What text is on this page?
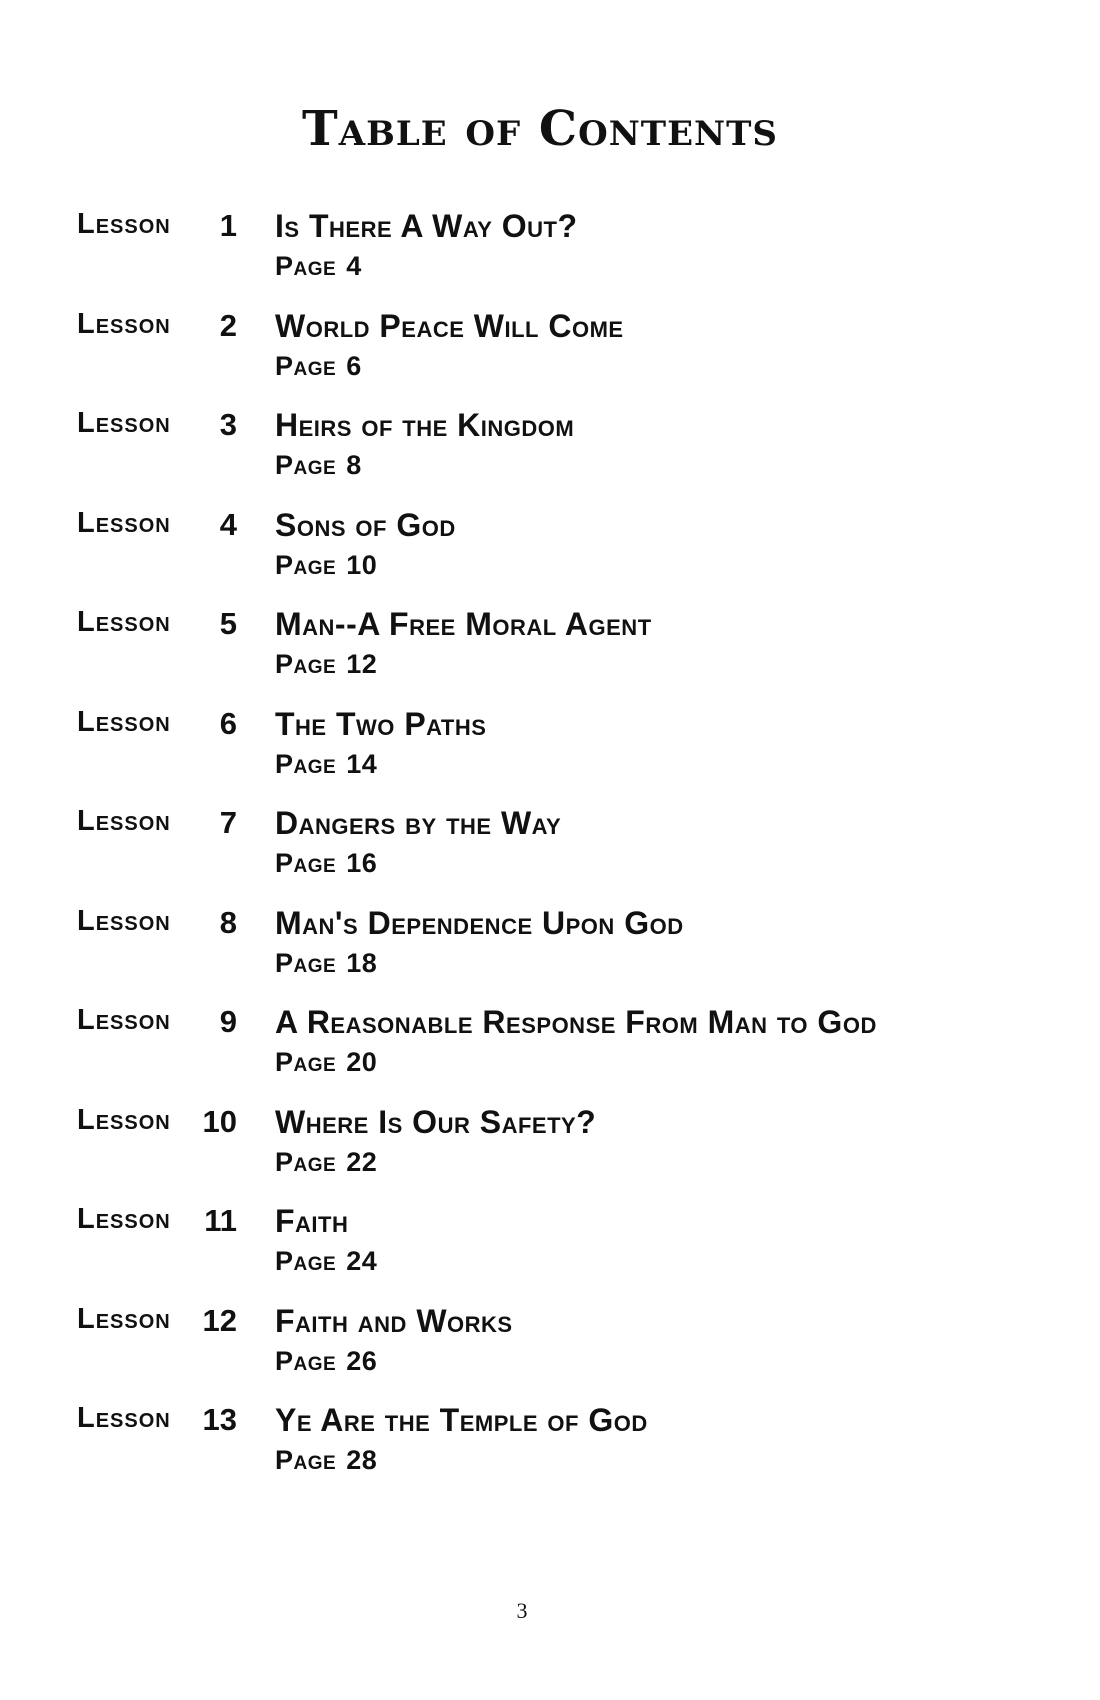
Table of Contents
Lesson	1 Is There A Way Out?
Page 4
Lesson	2 World Peace Will Come
Page 6
Lesson	3 Heirs of the Kingdom
Page 8
Lesson	4 Sons of God
Page 10
Lesson	5 Man--A Free Moral Agent
Page 12
Lesson	6 The Two Paths
Page 14
Lesson	7 Dangers by the Way
Page 16
Lesson	8 Man's Dependence Upon God
Page 18
Lesson	9 A Reasonable Response From Man to God
Page 20
Lesson	10 Where Is Our Safety?
Page 22
Lesson	11 Faith
Page 24
Lesson	12 Faith and Works
Page 26
Lesson	13 Ye Are the Temple of God
Page 28
3
